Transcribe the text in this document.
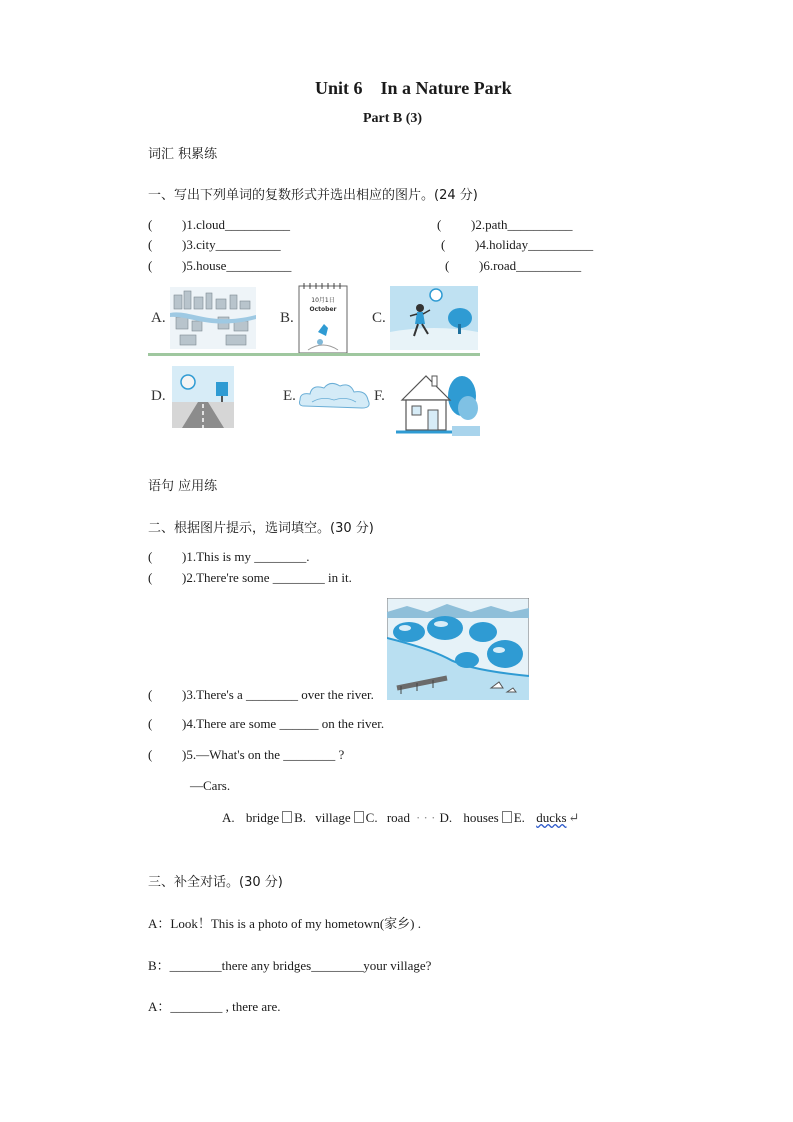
Unit 6    In a Nature Park
Part B (3)
词汇 积累练
一、写出下列单词的复数形式并选出相应的图片。(24 分)
( )1.cloud__________	( )2.path__________
( )3.city__________	( )4.holiday__________
( )5.house__________	( )6.road__________
A.	B.	C.
D.	E.	F.
10月1日
October
语句 应用练
二、根据图片提示，选词填空。(30 分)
( )1.This is my ________.
( )2.There're some ________ in it.
( )3.There's a ________ over the river.
( )4.There are some ______ on the river.
( )5.—What's on the ________ ?
—Cars.
A. bridge B. village C. road · · · D. houses E. ducks ↵
三、补全对话。(30 分)
A：Look！This is a photo of my hometown(家乡) .
B：________there any bridges________your village?
A：________ , there are.
